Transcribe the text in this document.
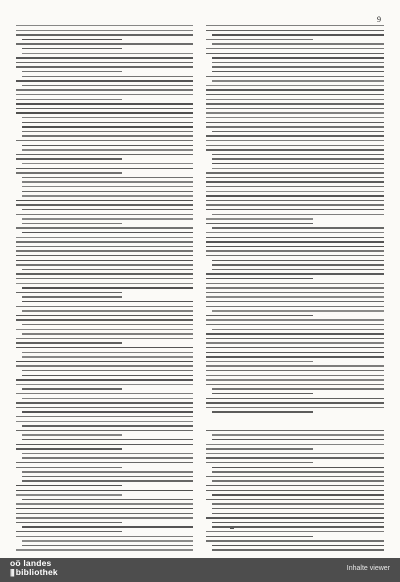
9
oö landes
||| bibliothek	Inhalte viewer
